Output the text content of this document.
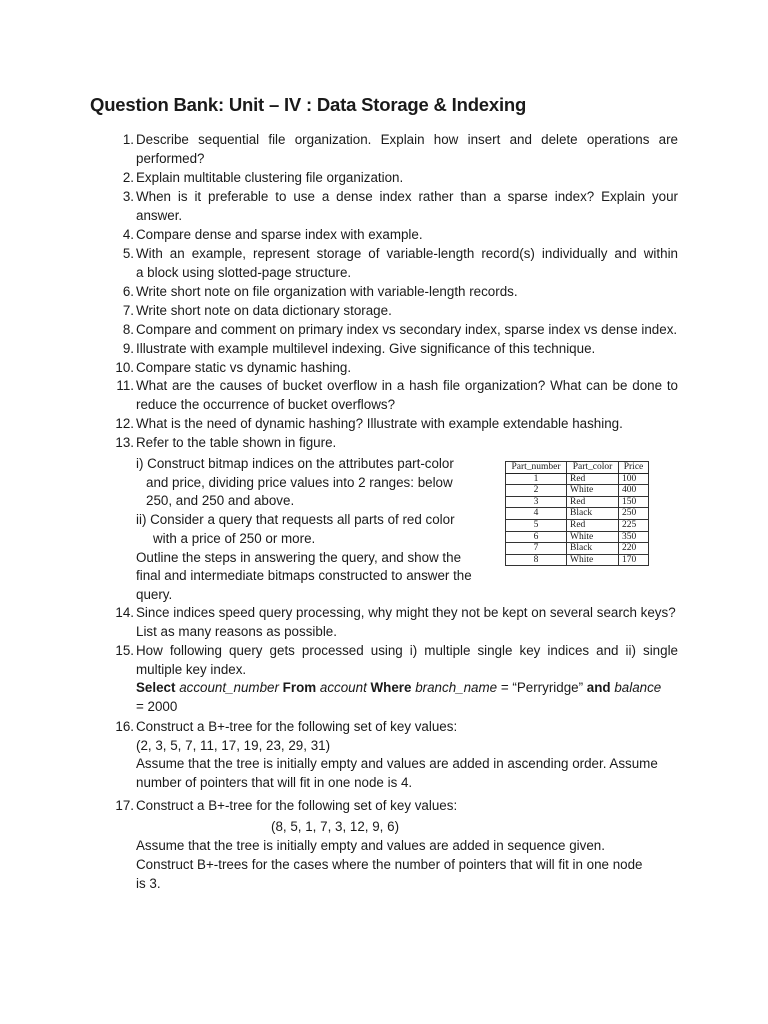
Question Bank: Unit – IV : Data Storage & Indexing
1. Describe sequential file organization. Explain how insert and delete operations are
performed?
2. Explain multitable clustering file organization.
3. When is it preferable to use a dense index rather than a sparse index? Explain your
answer.
4. Compare dense and sparse index with example.
5. With an example, represent storage of variable-length record(s) individually and within
a block using slotted-page structure.
6. Write short note on file organization with variable-length records.
7. Write short note on data dictionary storage.
8. Compare and comment on primary index vs secondary index, sparse index vs dense index.
9. Illustrate with example multilevel indexing. Give significance of this technique.
10. Compare static vs dynamic hashing.
11. What are the causes of bucket overflow in a hash file organization? What can be done to
reduce the occurrence of bucket overflows?
12. What is the need of dynamic hashing? Illustrate with example extendable hashing.
13. Refer to the table shown in figure.
i) Construct bitmap indices on the attributes part-color
and price, dividing price values into 2 ranges: below
250, and 250 and above.
ii) Consider a query that requests all parts of red color
with a price of 250 or more.
Outline the steps in answering the query, and show the
final and intermediate bitmaps constructed to answer the
query.
Part_number	Part_color	Price
1	Red	100
2	White	400
3	Red	150
4	Black	250
5	Red	225
6	White	350
7	Black	220
8	White	170
14. Since indices speed query processing, why might they not be kept on several search keys?
List as many reasons as possible.
15. How following query gets processed using i) multiple single key indices and ii) single
multiple key index.
Select account_number From account Where branch_name = “Perryridge” and balance
= 2000
16. Construct a B+-tree for the following set of key values:
(2, 3, 5, 7, 11, 17, 19, 23, 29, 31)
Assume that the tree is initially empty and values are added in ascending order. Assume
number of pointers that will fit in one node is 4.
17. Construct a B+-tree for the following set of key values:
(8, 5, 1, 7, 3, 12, 9, 6)
Assume that the tree is initially empty and values are added in sequence given.
Construct B+-trees for the cases where the number of pointers that will fit in one node
is 3.
